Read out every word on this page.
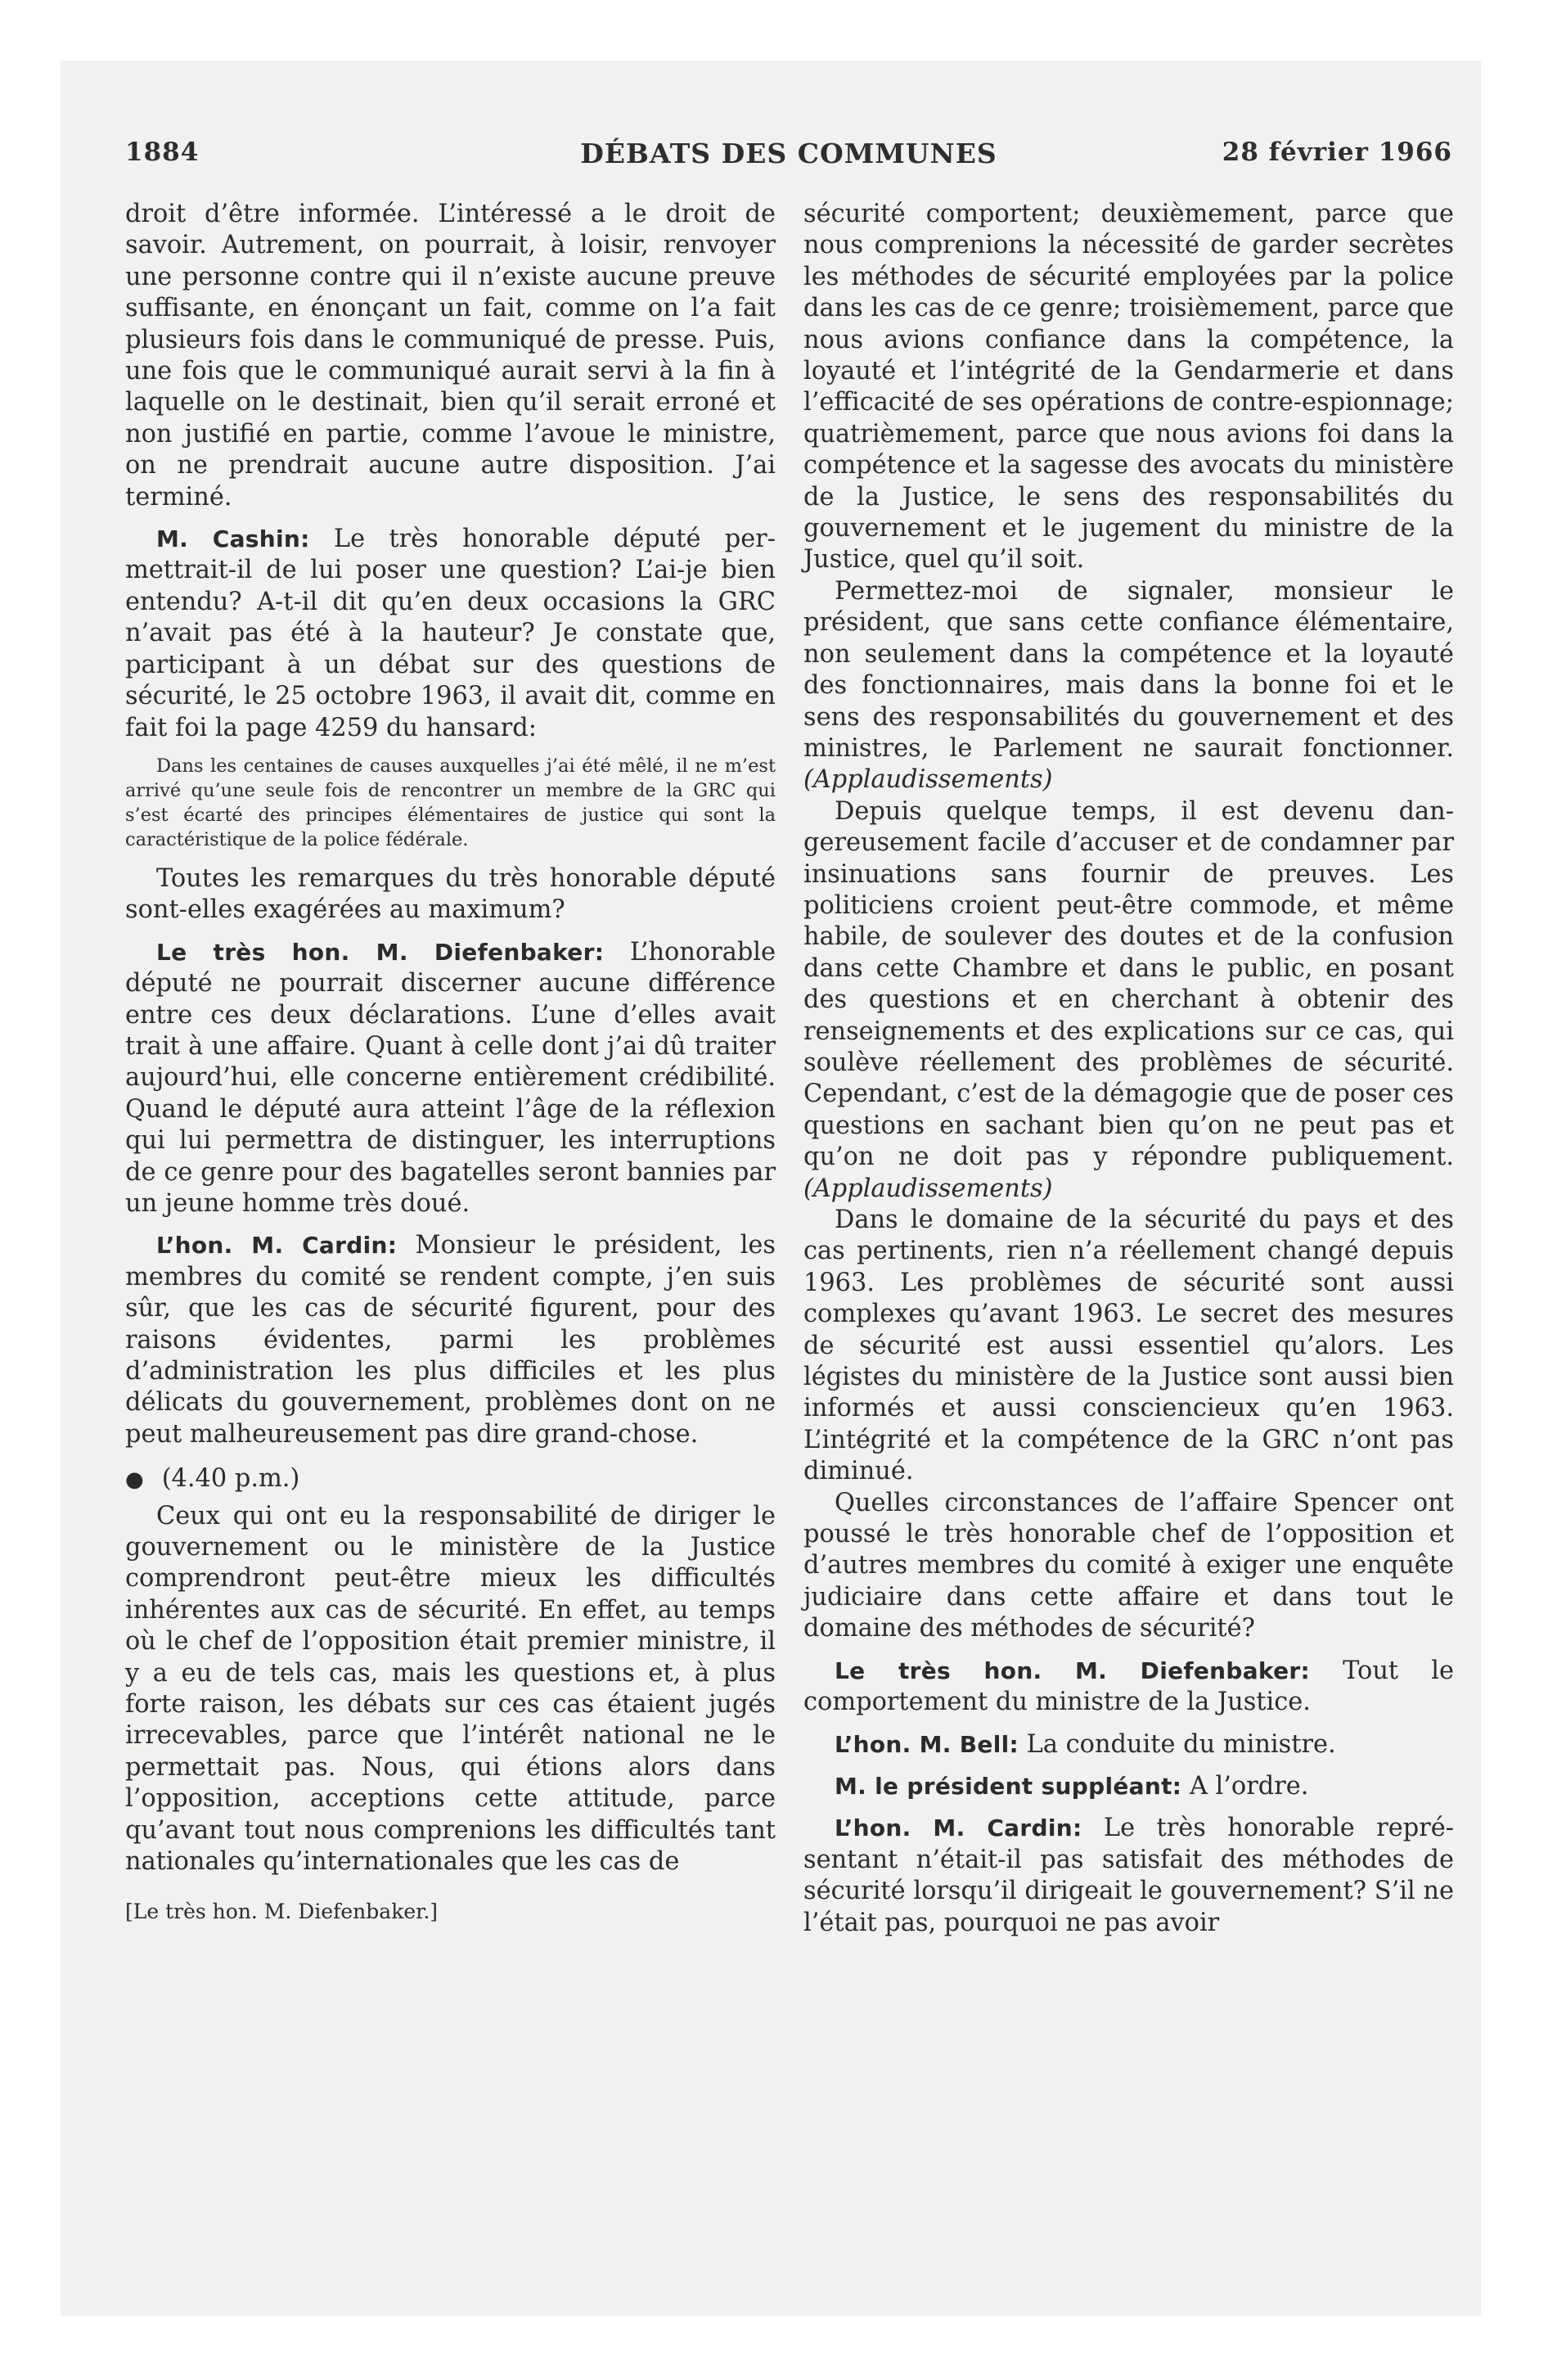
1884	DÉBATS DES COMMUNES	28 février 1966

droit d’être informée. L’intéressé a le droit de savoir. Autrement, on pourrait, à loisir, renvoyer une personne contre qui il n’existe aucune preuve suffisante, en énonçant un fait, comme on l’a fait plusieurs fois dans le communiqué de presse. Puis, une fois que le communiqué aurait servi à la fin à laquelle on le destinait, bien qu’il serait erroné et non justifié en partie, comme l’avoue le ministre, on ne prendrait aucune autre disposition. J’ai terminé.

M. Cashin: Le très honorable député permettrait-il de lui poser une question? L’ai-je bien entendu? A-t-il dit qu’en deux occasions la GRC n’avait pas été à la hauteur? Je constate que, participant à un débat sur des questions de sécurité, le 25 octobre 1963, il avait dit, comme en fait foi la page 4259 du hansard:

Dans les centaines de causes auxquelles j’ai été mêlé, il ne m’est arrivé qu’une seule fois de rencontrer un membre de la GRC qui s’est écarté des principes élémentaires de justice qui sont la caractéristique de la police fédérale.

Toutes les remarques du très honorable député sont-elles exagérées au maximum?

Le très hon. M. Diefenbaker: L’honorable député ne pourrait discerner aucune différence entre ces deux déclarations. L’une d’elles avait trait à une affaire. Quant à celle dont j’ai dû traiter aujourd’hui, elle concerne entièrement crédibilité. Quand le député aura atteint l’âge de la réflexion qui lui permettra de distinguer, les interruptions de ce genre pour des bagatelles seront bannies par un jeune homme très doué.

L’hon. M. Cardin: Monsieur le président, les membres du comité se rendent compte, j’en suis sûr, que les cas de sécurité figurent, pour des raisons évidentes, parmi les problèmes d’administration les plus difficiles et les plus délicats du gouvernement, problèmes dont on ne peut malheureusement pas dire grand-chose.

● (4.40 p.m.)

Ceux qui ont eu la responsabilité de diriger le gouvernement ou le ministère de la Justice comprendront peut-être mieux les difficultés inhérentes aux cas de sécurité. En effet, au temps où le chef de l’opposition était premier ministre, il y a eu de tels cas, mais les questions et, à plus forte raison, les débats sur ces cas étaient jugés irrecevables, parce que l’intérêt national ne le permettait pas. Nous, qui étions alors dans l’opposition, acceptions cette attitude, parce qu’avant tout nous comprenions les difficultés tant nationales qu’internationales que les cas de

[Le très hon. M. Diefenbaker.]

sécurité comportent; deuxièmement, parce que nous comprenions la nécessité de garder secrètes les méthodes de sécurité employées par la police dans les cas de ce genre; troisièmement, parce que nous avions confiance dans la compétence, la loyauté et l’intégrité de la Gendarmerie et dans l’efficacité de ses opérations de contre-espionnage; quatrièmement, parce que nous avions foi dans la compétence et la sagesse des avocats du ministère de la Justice, le sens des responsabilités du gouvernement et le jugement du ministre de la Justice, quel qu’il soit.

Permettez-moi de signaler, monsieur le président, que sans cette confiance élémentaire, non seulement dans la compétence et la loyauté des fonctionnaires, mais dans la bonne foi et le sens des responsabilités du gouvernement et des ministres, le Parlement ne saurait fonctionner. (Applaudissements)

Depuis quelque temps, il est devenu dangereusement facile d’accuser et de condamner par insinuations sans fournir de preuves. Les politiciens croient peut-être commode, et même habile, de soulever des doutes et de la confusion dans cette Chambre et dans le public, en posant des questions et en cherchant à obtenir des renseignements et des explications sur ce cas, qui soulève réellement des problèmes de sécurité. Cependant, c’est de la démagogie que de poser ces questions en sachant bien qu’on ne peut pas et qu’on ne doit pas y répondre publiquement. (Applaudissements)

Dans le domaine de la sécurité du pays et des cas pertinents, rien n’a réellement changé depuis 1963. Les problèmes de sécurité sont aussi complexes qu’avant 1963. Le secret des mesures de sécurité est aussi essentiel qu’alors. Les légistes du ministère de la Justice sont aussi bien informés et aussi consciencieux qu’en 1963. L’intégrité et la compétence de la GRC n’ont pas diminué.

Quelles circonstances de l’affaire Spencer ont poussé le très honorable chef de l’opposition et d’autres membres du comité à exiger une enquête judiciaire dans cette affaire et dans tout le domaine des méthodes de sécurité?

Le très hon. M. Diefenbaker: Tout le comportement du ministre de la Justice.

L’hon. M. Bell: La conduite du ministre.

M. le président suppléant: A l’ordre.

L’hon. M. Cardin: Le très honorable représentant n’était-il pas satisfait des méthodes de sécurité lorsqu’il dirigeait le gouvernement? S’il ne l’était pas, pourquoi ne pas avoir
